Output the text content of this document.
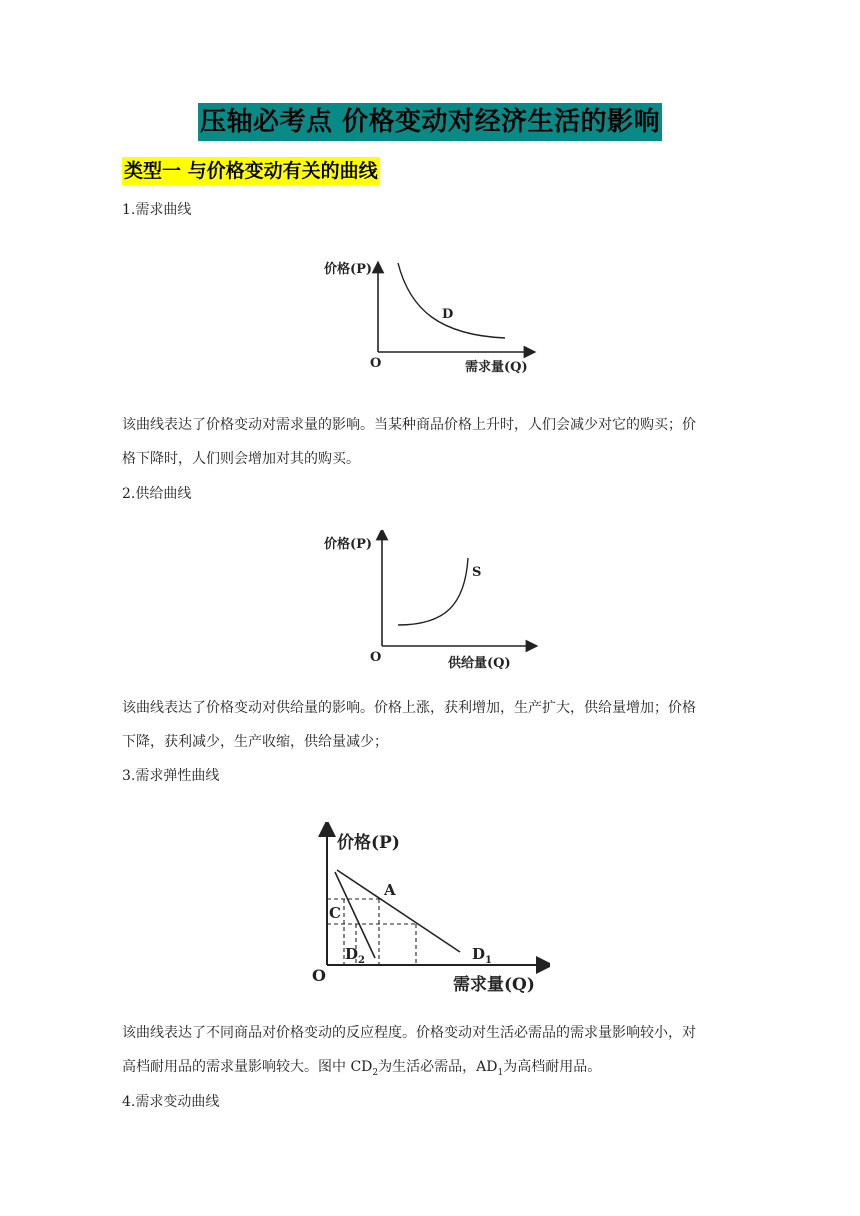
压轴必考点 价格变动对经济生活的影响
类型一 与价格变动有关的曲线
1.需求曲线
价格(P)
需求量(Q)
O
D

该曲线表达了价格变动对需求量的影响。当某种商品价格上升时，人们会减少对它的购买；价

格下降时，人们则会增加对其的购买。

2.供给曲线
价格(P)
供给量(Q)
O
S

该曲线表达了价格变动对供给量的影响。价格上涨，获利增加，生产扩大，供给量增加；价格

下降，获利减少，生产收缩，供给量减少；

3.需求弹性曲线
价格(P)
需求量(Q)
O
A
C
$D_1$
$D_2$

该曲线表达了不同商品对价格变动的反应程度。价格变动对生活必需品的需求量影响较小，对

高档耐用品的需求量影响较大。图中 $CD_2$为生活必需品，$AD_1$为高档耐用品。

4.需求变动曲线
